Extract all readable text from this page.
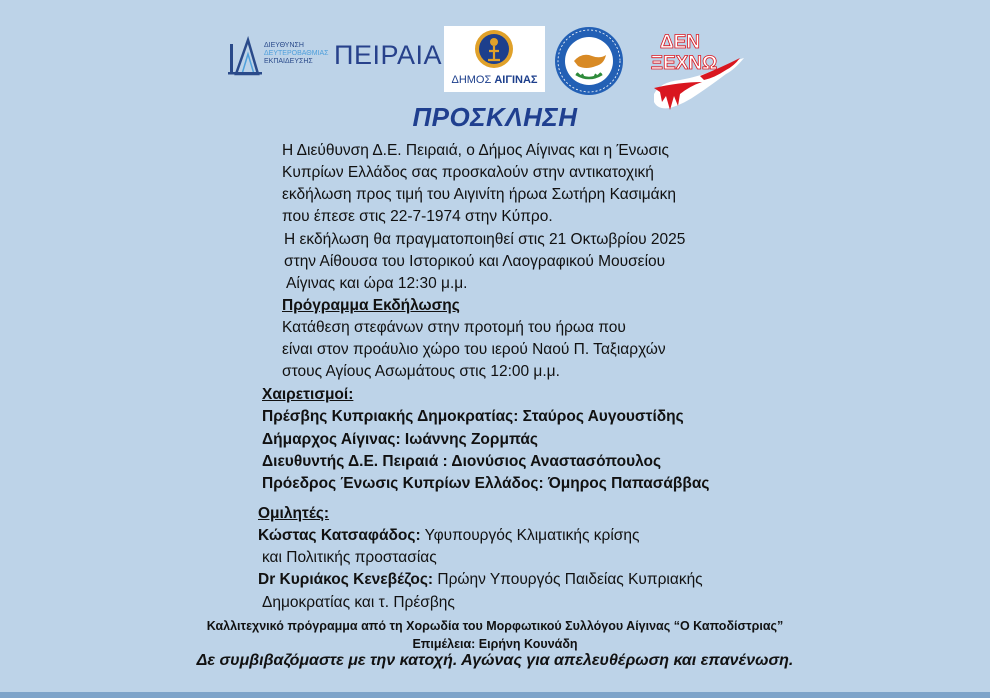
ΔΙΕΥΘΥΝΣΗ
ΔΕΥΤΕΡΟΒΑΘΜΙΑΣ
ΕΚΠΑΙΔΕΥΣΗΣ ΠΕΙΡΑΙΑ
ΔΗΜΟΣ ΑΙΓΙΝΑΣ
ΔΕΝ
ΞΕΧΝΩ
ΠΡΟΣΚΛΗΣΗ
Η Διεύθυνση Δ.Ε. Πειραιά, ο Δήμος Αίγινας και η Ένωσις
Κυπρίων Ελλάδος σας προσκαλούν στην αντικατοχική
εκδήλωση προς τιμή του Αιγινίτη ήρωα Σωτήρη Κασιμάκη
που έπεσε στις 22-7-1974 στην Κύπρο.
Η εκδήλωση θα πραγματοποιηθεί στις 21 Οκτωβρίου 2025
στην Αίθουσα του Ιστορικού και Λαογραφικού Μουσείου
Αίγινας και ώρα 12:30 μ.μ.
Πρόγραμμα Εκδήλωσης
Κατάθεση στεφάνων στην προτομή του ήρωα που
είναι στον προάυλιο χώρο του ιερού Ναού Π. Ταξιαρχών
στους Αγίους Ασωμάτους στις 12:00 μ.μ.
Χαιρετισμοί:
Πρέσβης Κυπριακής Δημοκρατίας: Σταύρος Αυγουστίδης
Δήμαρχος Αίγινας: Ιωάννης Ζορμπάς
Διευθυντής Δ.Ε. Πειραιά : Διονύσιος Αναστασόπουλος
Πρόεδρος Ένωσις Κυπρίων Ελλάδος: Όμηρος Παπασάββας
Ομιλητές:
Κώστας Κατσαφάδος: Υφυπουργός Κλιματικής κρίσης
και Πολιτικής προστασίας
Dr Κυριάκος Κενεβέζος: Πρώην Υπουργός Παιδείας Κυπριακής
Δημοκρατίας και τ. Πρέσβης
Καλλιτεχνικό πρόγραμμα από τη Χορωδία του Μορφωτικού Συλλόγου Αίγινας “Ο Καποδίστριας”
Επιμέλεια: Ειρήνη Κουνάδη
Δε συμβιβαζόμαστε με την κατοχή. Αγώνας για απελευθέρωση και επανένωση.
